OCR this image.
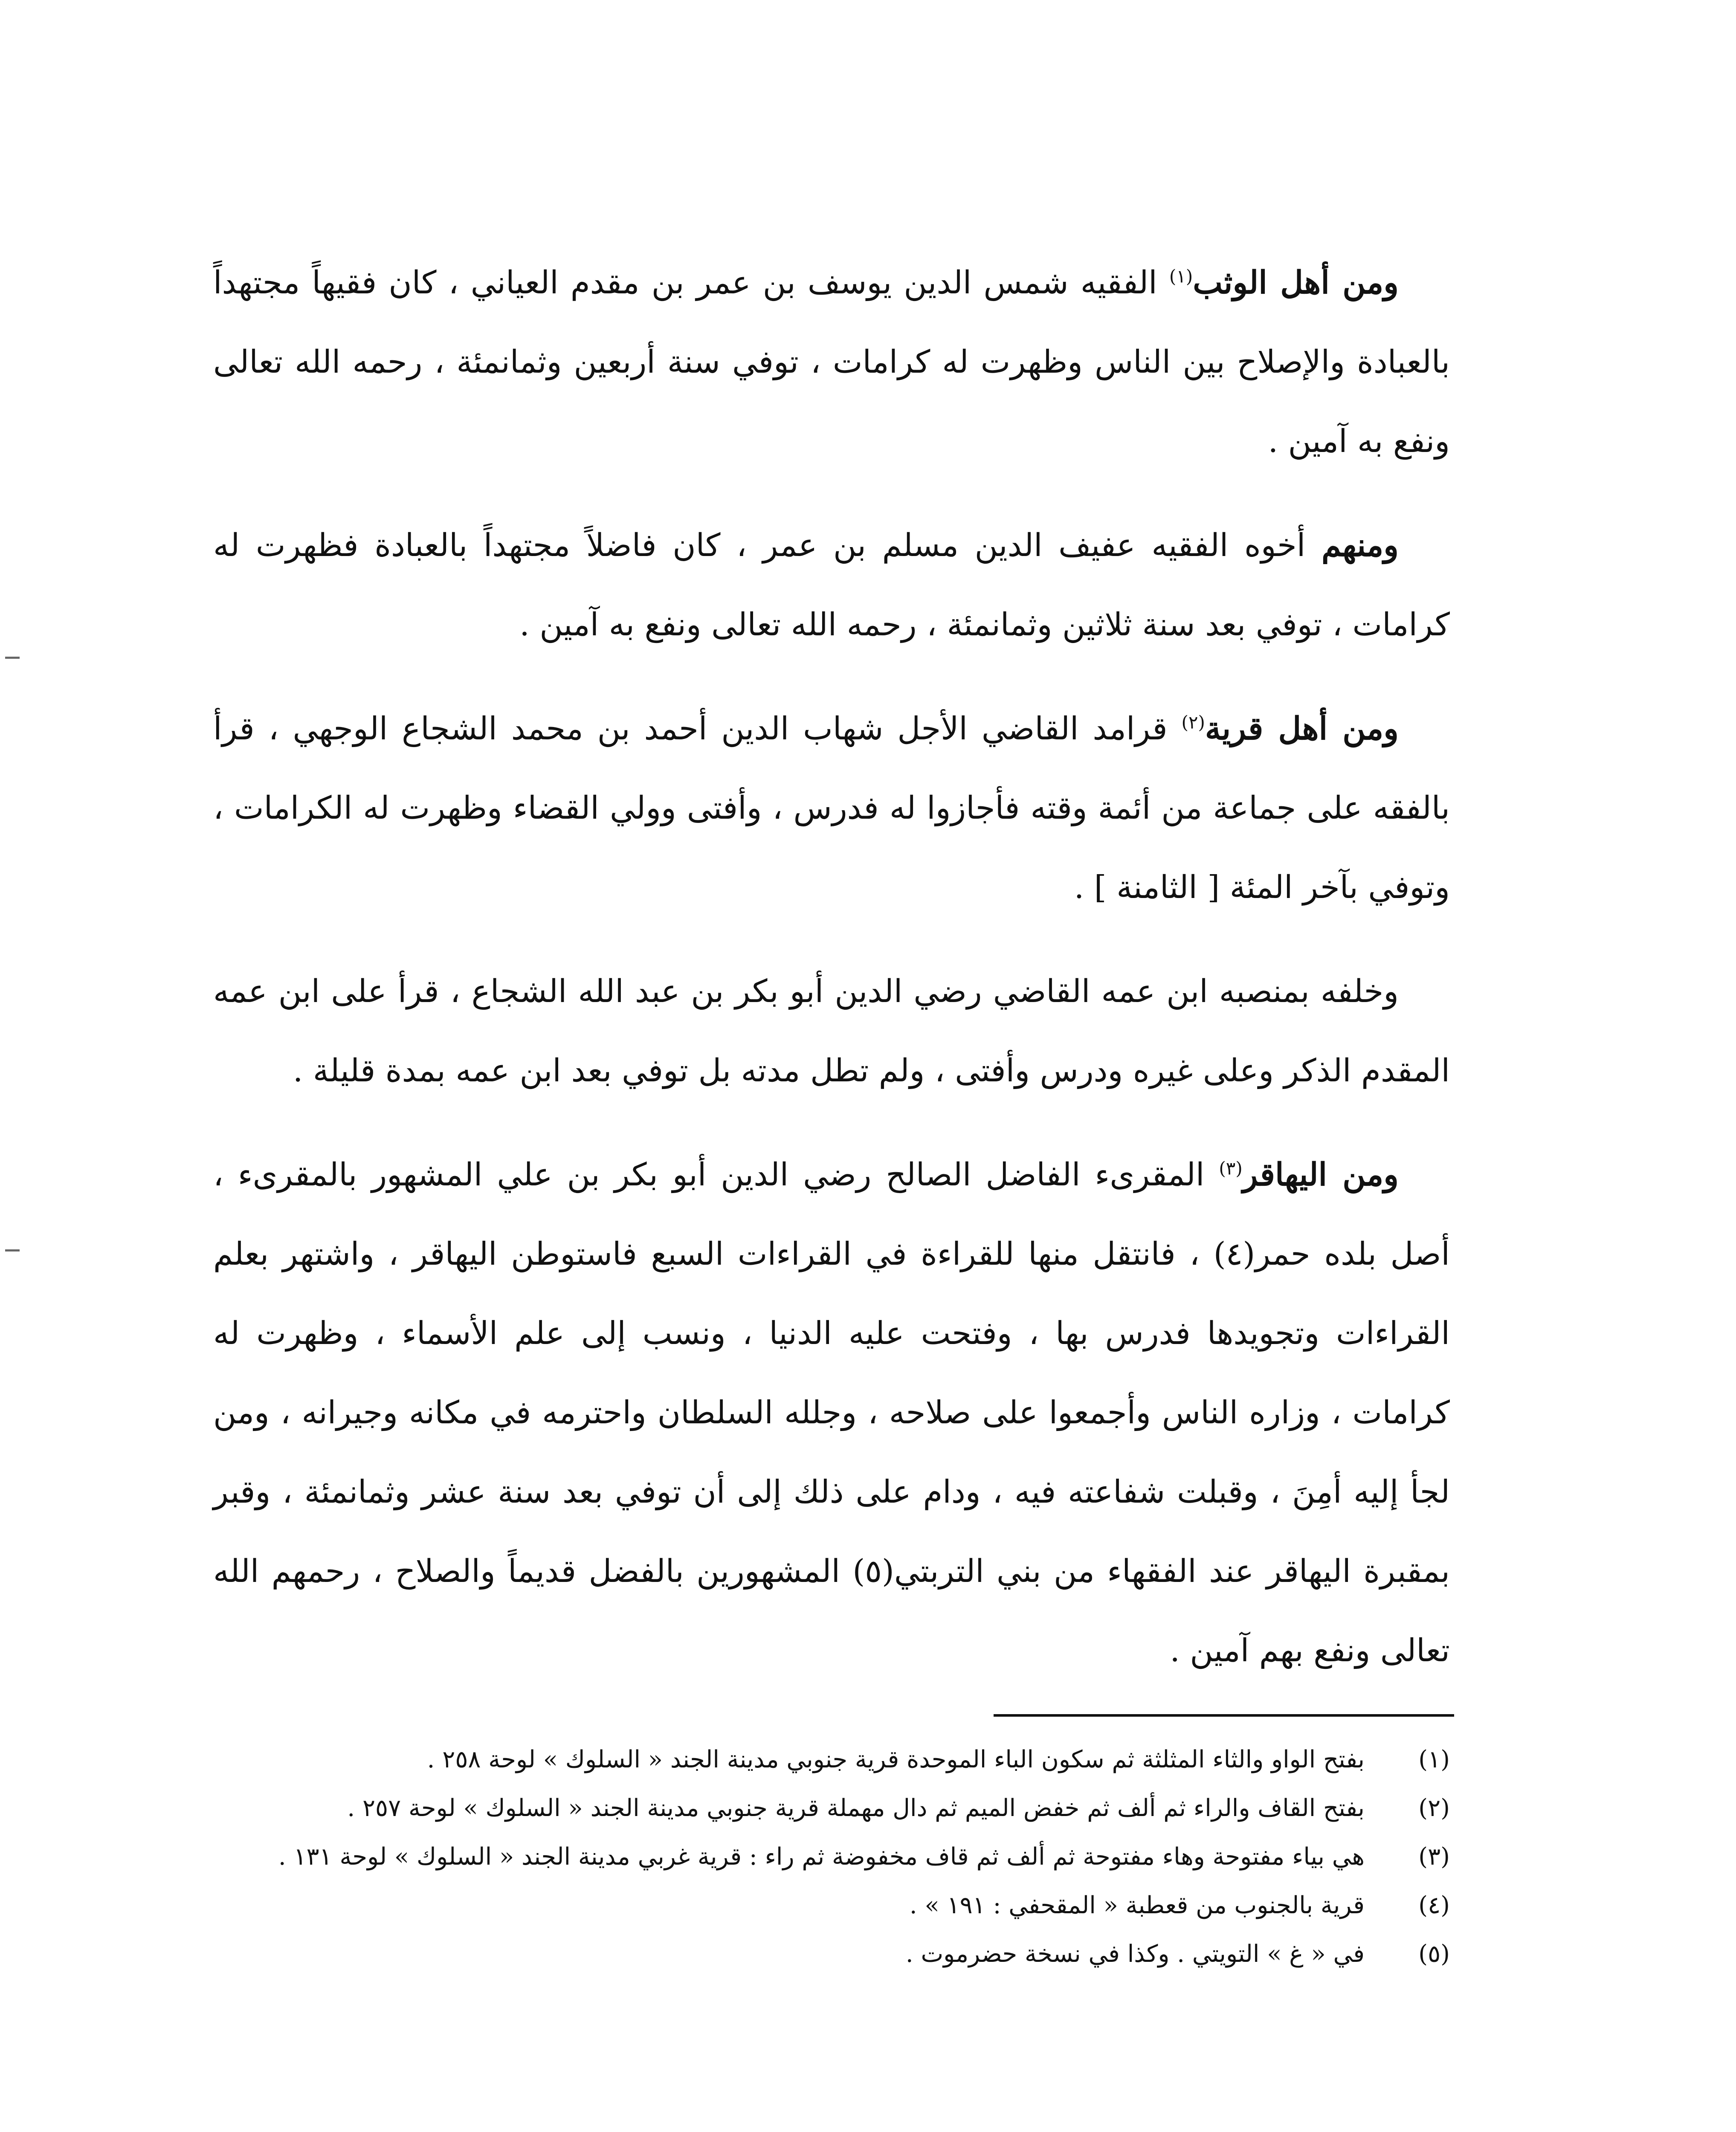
ومن أهل الوثب$^{(١)}$ الفقيه شمس الدين يوسف بن عمر بن مقدم العياني ، كان فقيهاً مجتهداً بالعبادة والإصلاح بين الناس وظهرت له كرامات ، توفي سنة أربعين وثمانمئة ، رحمه الله تعالى ونفع به آمين .

ومنهم أخوه الفقيه عفيف الدين مسلم بن عمر ، كان فاضلاً مجتهداً بالعبادة فظهرت له كرامات ، توفي بعد سنة ثلاثين وثمانمئة ، رحمه الله تعالى ونفع به آمين .

ومن أهل قرية$^{(٢)}$ قرامد القاضي الأجل شهاب الدين أحمد بن محمد الشجاع الوجهي ، قرأ بالفقه على جماعة من أئمة وقته فأجازوا له فدرس ، وأفتى وولي القضاء وظهرت له الكرامات ، وتوفي بآخر المئة [ الثامنة ] .

وخلفه بمنصبه ابن عمه القاضي رضي الدين أبو بكر بن عبد الله الشجاع ، قرأ على ابن عمه المقدم الذكر وعلى غيره ودرس وأفتى ، ولم تطل مدته بل توفي بعد ابن عمه بمدة قليلة .

ومن اليهاقر$^{(٣)}$ المقرىء الفاضل الصالح رضي الدين أبو بكر بن علي المشهور بالمقرىء ، أصل بلده حمر(٤) ، فانتقل منها للقراءة في القراءات السبع فاستوطن اليهاقر ، واشتهر بعلم القراءات وتجويدها فدرس بها ، وفتحت عليه الدنيا ، ونسب إلى علم الأسماء ، وظهرت له كرامات ، وزاره الناس وأجمعوا على صلاحه ، وجلله السلطان واحترمه في مكانه وجيرانه ، ومن لجأ إليه أمِنَ ، وقبلت شفاعته فيه ، ودام على ذلك إلى أن توفي بعد سنة عشر وثمانمئة ، وقبر بمقبرة اليهاقر عند الفقهاء من بني التربتي(٥) المشهورين بالفضل قديماً والصلاح ، رحمهم الله تعالى ونفع بهم آمين .

(١)
بفتح الواو والثاء المثلثة ثم سكون الباء الموحدة قرية جنوبي مدينة الجند « السلوك » لوحة ٢٥٨ .
(٢)
بفتح القاف والراء ثم ألف ثم خفض الميم ثم دال مهملة قرية جنوبي مدينة الجند « السلوك » لوحة ٢٥٧ .
(٣)
هي بياء مفتوحة وهاء مفتوحة ثم ألف ثم قاف مخفوضة ثم راء : قرية غربي مدينة الجند « السلوك » لوحة ١٣١ .
(٤)
قرية بالجنوب من قعطبة « المقحفي : ١٩١ » .
(٥)
في « غ » التويتي . وكذا في نسخة حضرموت .
